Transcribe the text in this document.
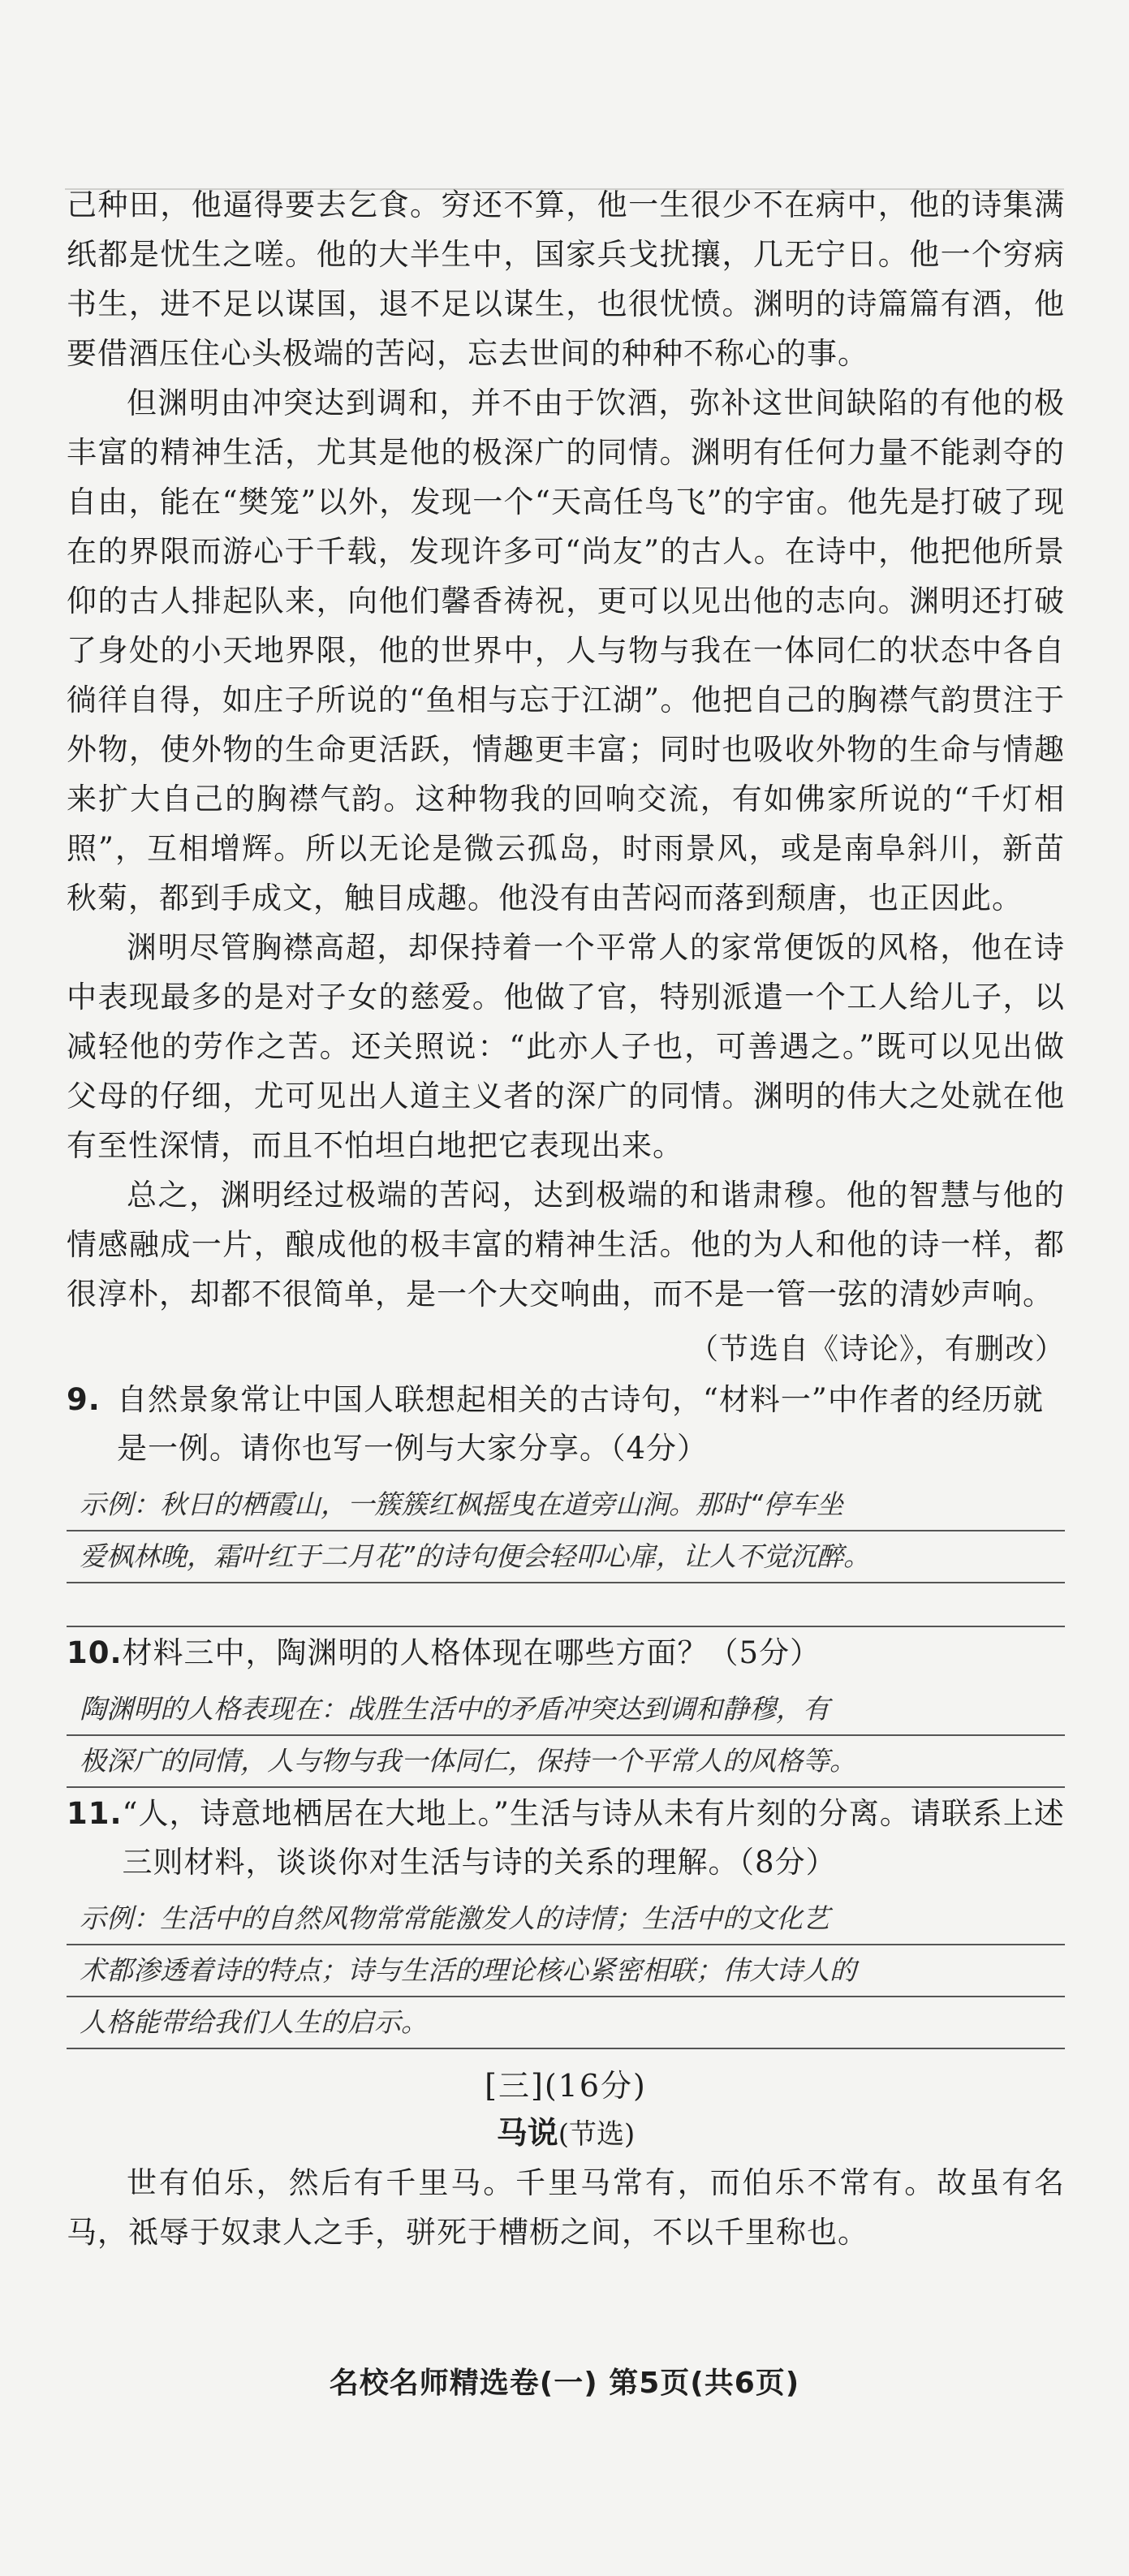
己种田，他逼得要去乞食。穷还不算，他一生很少不在病中，他的诗集满纸都是忧生之嗟。他的大半生中，国家兵戈扰攘，几无宁日。他一个穷病书生，进不足以谋国，退不足以谋生，也很忧愤。渊明的诗篇篇有酒，他要借酒压住心头极端的苦闷，忘去世间的种种不称心的事。

但渊明由冲突达到调和，并不由于饮酒，弥补这世间缺陷的有他的极丰富的精神生活，尤其是他的极深广的同情。渊明有任何力量不能剥夺的自由，能在“樊笼”以外，发现一个“天高任鸟飞”的宇宙。他先是打破了现在的界限而游心于千载，发现许多可“尚友”的古人。在诗中，他把他所景仰的古人排起队来，向他们馨香祷祝，更可以见出他的志向。渊明还打破了身处的小天地界限，他的世界中，人与物与我在一体同仁的状态中各自徜徉自得，如庄子所说的“鱼相与忘于江湖”。他把自己的胸襟气韵贯注于外物，使外物的生命更活跃，情趣更丰富；同时也吸收外物的生命与情趣来扩大自己的胸襟气韵。这种物我的回响交流，有如佛家所说的“千灯相照”，互相增辉。所以无论是微云孤岛，时雨景风，或是南阜斜川，新苗秋菊，都到手成文，触目成趣。他没有由苦闷而落到颓唐，也正因此。

渊明尽管胸襟高超，却保持着一个平常人的家常便饭的风格，他在诗中表现最多的是对子女的慈爱。他做了官，特别派遣一个工人给儿子，以减轻他的劳作之苦。还关照说：“此亦人子也，可善遇之。”既可以见出做父母的仔细，尤可见出人道主义者的深广的同情。渊明的伟大之处就在他有至性深情，而且不怕坦白地把它表现出来。

总之，渊明经过极端的苦闷，达到极端的和谐肃穆。他的智慧与他的情感融成一片，酿成他的极丰富的精神生活。他的为人和他的诗一样，都很淳朴，却都不很简单，是一个大交响曲，而不是一管一弦的清妙声响。

（节选自《诗论》，有删改）

9. 自然景象常让中国人联想起相关的古诗句，“材料一”中作者的经历就是一例。请你也写一例与大家分享。（4分）
示例：秋日的栖霞山，一簇簇红枫摇曳在道旁山涧。那时“停车坐
爱枫林晚，霜叶红于二月花”的诗句便会轻叩心扉，让人不觉沉醉。
10. 材料三中，陶渊明的人格体现在哪些方面？（5分）
陶渊明的人格表现在：战胜生活中的矛盾冲突达到调和静穆，有
极深广的同情，人与物与我一体同仁，保持一个平常人的风格等。
11. “人，诗意地栖居在大地上。”生活与诗从未有片刻的分离。请联系上述三则材料，谈谈你对生活与诗的关系的理解。（8分）
示例：生活中的自然风物常常能激发人的诗情；生活中的文化艺
术都渗透着诗的特点；诗与生活的理论核心紧密相联；伟大诗人的
人格能带给我们人生的启示。
[三](16分)
马说(节选)

世有伯乐，然后有千里马。千里马常有，而伯乐不常有。故虽有名马，祗辱于奴隶人之手，骈死于槽枥之间，不以千里称也。

名校名师精选卷(一) 第5页(共6页)
